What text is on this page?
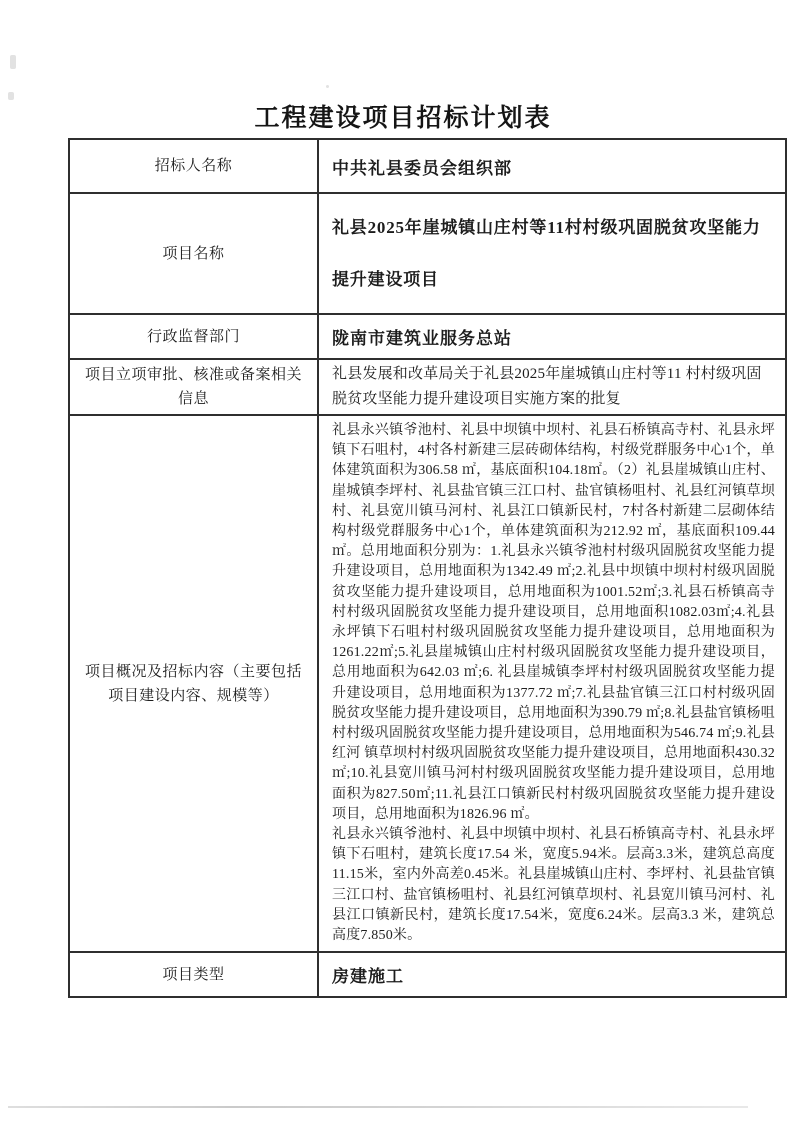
工程建设项目招标计划表
招标人名称	中共礼县委员会组织部
项目名称	礼县2025年崖城镇山庄村等11村村级巩固脱贫攻坚能力提升建设项目
行政监督部门	陇南市建筑业服务总站
项目立项审批、核准或备案相关信息	礼县发展和改革局关于礼县2025年崖城镇山庄村等11 村村级巩固脱贫攻坚能力提升建设项目实施方案的批复
项目概况及招标内容（主要包括项目建设内容、规模等）	礼县永兴镇爷池村、礼县中坝镇中坝村、礼县石桥镇高寺村、礼县永坪镇下石咀村，4村各村新建三层砖砌体结构，村级党群服务中心1个，单体建筑面积为306.58 ㎡，基底面积104.18㎡。（2）礼县崖城镇山庄村、崖城镇李坪村、礼县盐官镇三江口村、盐官镇杨咀村、礼县红河镇草坝村、礼县宽川镇马河村、礼县江口镇新民村，7村各村新建二层砌体结构村级党群服务中心1个，单体建筑面积为212.92 ㎡，基底面积109.44㎡。总用地面积分别为：1.礼县永兴镇爷池村村级巩固脱贫攻坚能力提升建设项目，总用地面积为1342.49 ㎡;2.礼县中坝镇中坝村村级巩固脱贫攻坚能力提升建设项目，总用地面积为1001.52㎡;3.礼县石桥镇高寺村村级巩固脱贫攻坚能力提升建设项目，总用地面积1082.03㎡;4.礼县永坪镇下石咀村村级巩固脱贫攻坚能力提升建设项目，总用地面积为1261.22㎡;5.礼县崖城镇山庄村村级巩固脱贫攻坚能力提升建设项目，总用地面积为642.03 ㎡;6. 礼县崖城镇李坪村村级巩固脱贫攻坚能力提升建设项目，总用地面积为1377.72 ㎡;7.礼县盐官镇三江口村村级巩固脱贫攻坚能力提升建设项目，总用地面积为390.79 ㎡;8.礼县盐官镇杨咀村村级巩固脱贫攻坚能力提升建设项目，总用地面积为546.74 ㎡;9.礼县红河 镇草坝村村级巩固脱贫攻坚能力提升建设项目，总用地面积430.32 ㎡;10.礼县宽川镇马河村村级巩固脱贫攻坚能力提升建设项目，总用地面积为827.50㎡;11.礼县江口镇新民村村级巩固脱贫攻坚能力提升建设项目，总用地面积为1826.96 ㎡。

礼县永兴镇爷池村、礼县中坝镇中坝村、礼县石桥镇高寺村、礼县永坪镇下石咀村，建筑长度17.54 米，宽度5.94米。层高3.3米，建筑总高度11.15米，室内外高差0.45米。礼县崖城镇山庄村、李坪村、礼县盐官镇三江口村、盐官镇杨咀村、礼县红河镇草坝村、礼县宽川镇马河村、礼县江口镇新民村，建筑长度17.54米，宽度6.24米。层高3.3 米，建筑总高度7.850米。

项目类型	房建施工
